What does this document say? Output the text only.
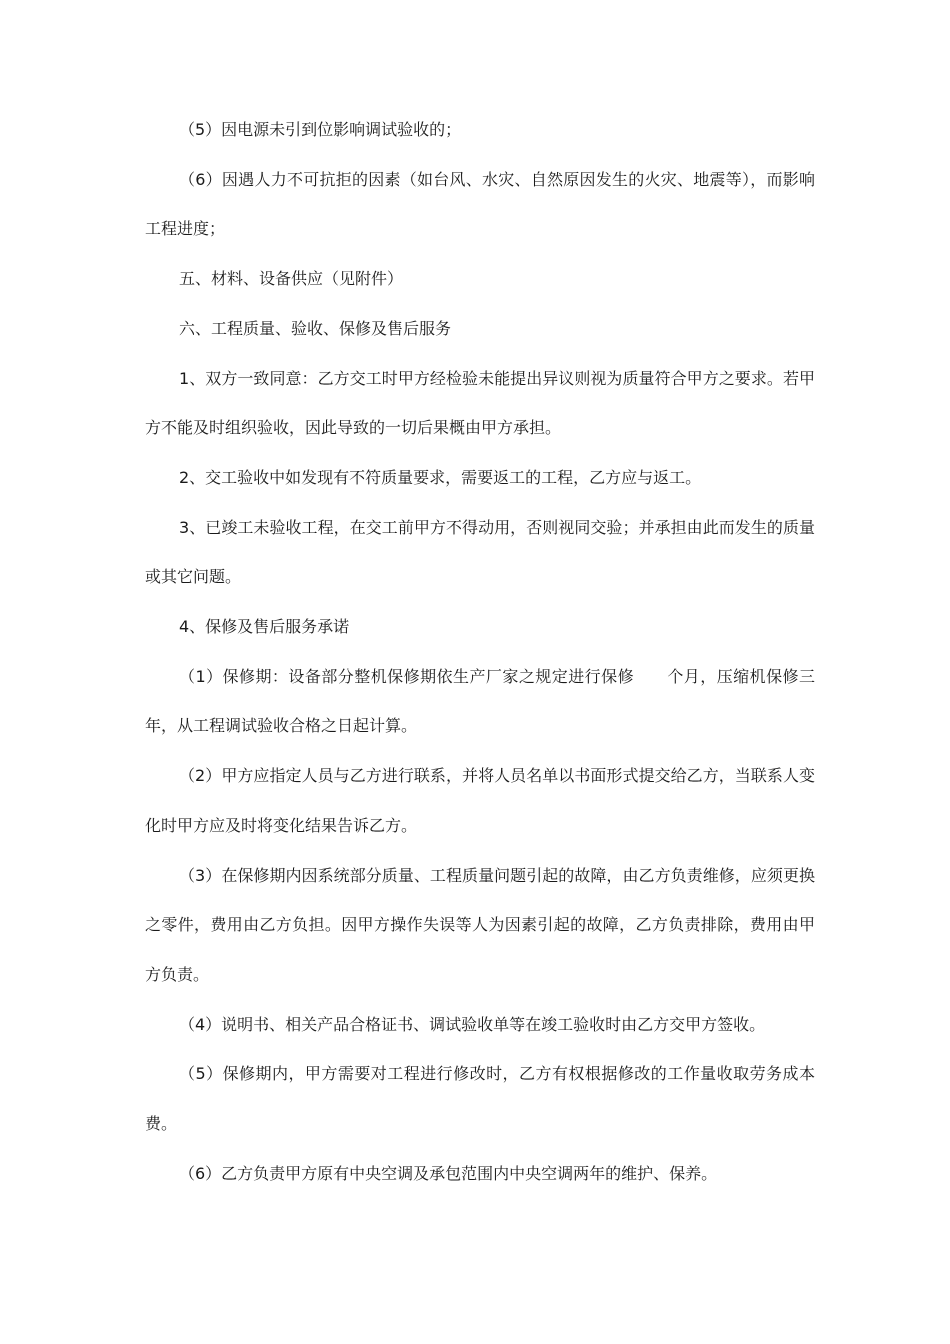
（5）因电源未引到位影响调试验收的；

（6）因遇人力不可抗拒的因素（如台风、水灾、自然原因发生的火灾、地震等），而影响工程进度；

五、材料、设备供应（见附件）

六、工程质量、验收、保修及售后服务

1、双方一致同意：乙方交工时甲方经检验未能提出异议则视为质量符合甲方之要求。若甲方不能及时组织验收，因此导致的一切后果概由甲方承担。

2、交工验收中如发现有不符质量要求，需要返工的工程，乙方应与返工。

3、已竣工未验收工程，在交工前甲方不得动用，否则视同交验；并承担由此而发生的质量或其它问题。

4、保修及售后服务承诺

（1）保修期：设备部分整机保修期依生产厂家之规定进行保修      个月，压缩机保修三年，从工程调试验收合格之日起计算。

（2）甲方应指定人员与乙方进行联系，并将人员名单以书面形式提交给乙方，当联系人变化时甲方应及时将变化结果告诉乙方。

（3）在保修期内因系统部分质量、工程质量问题引起的故障，由乙方负责维修，应须更换之零件，费用由乙方负担。因甲方操作失误等人为因素引起的故障，乙方负责排除，费用由甲方负责。

（4）说明书、相关产品合格证书、调试验收单等在竣工验收时由乙方交甲方签收。

（5）保修期内，甲方需要对工程进行修改时，乙方有权根据修改的工作量收取劳务成本费。

（6）乙方负责甲方原有中央空调及承包范围内中央空调两年的维护、保养。
